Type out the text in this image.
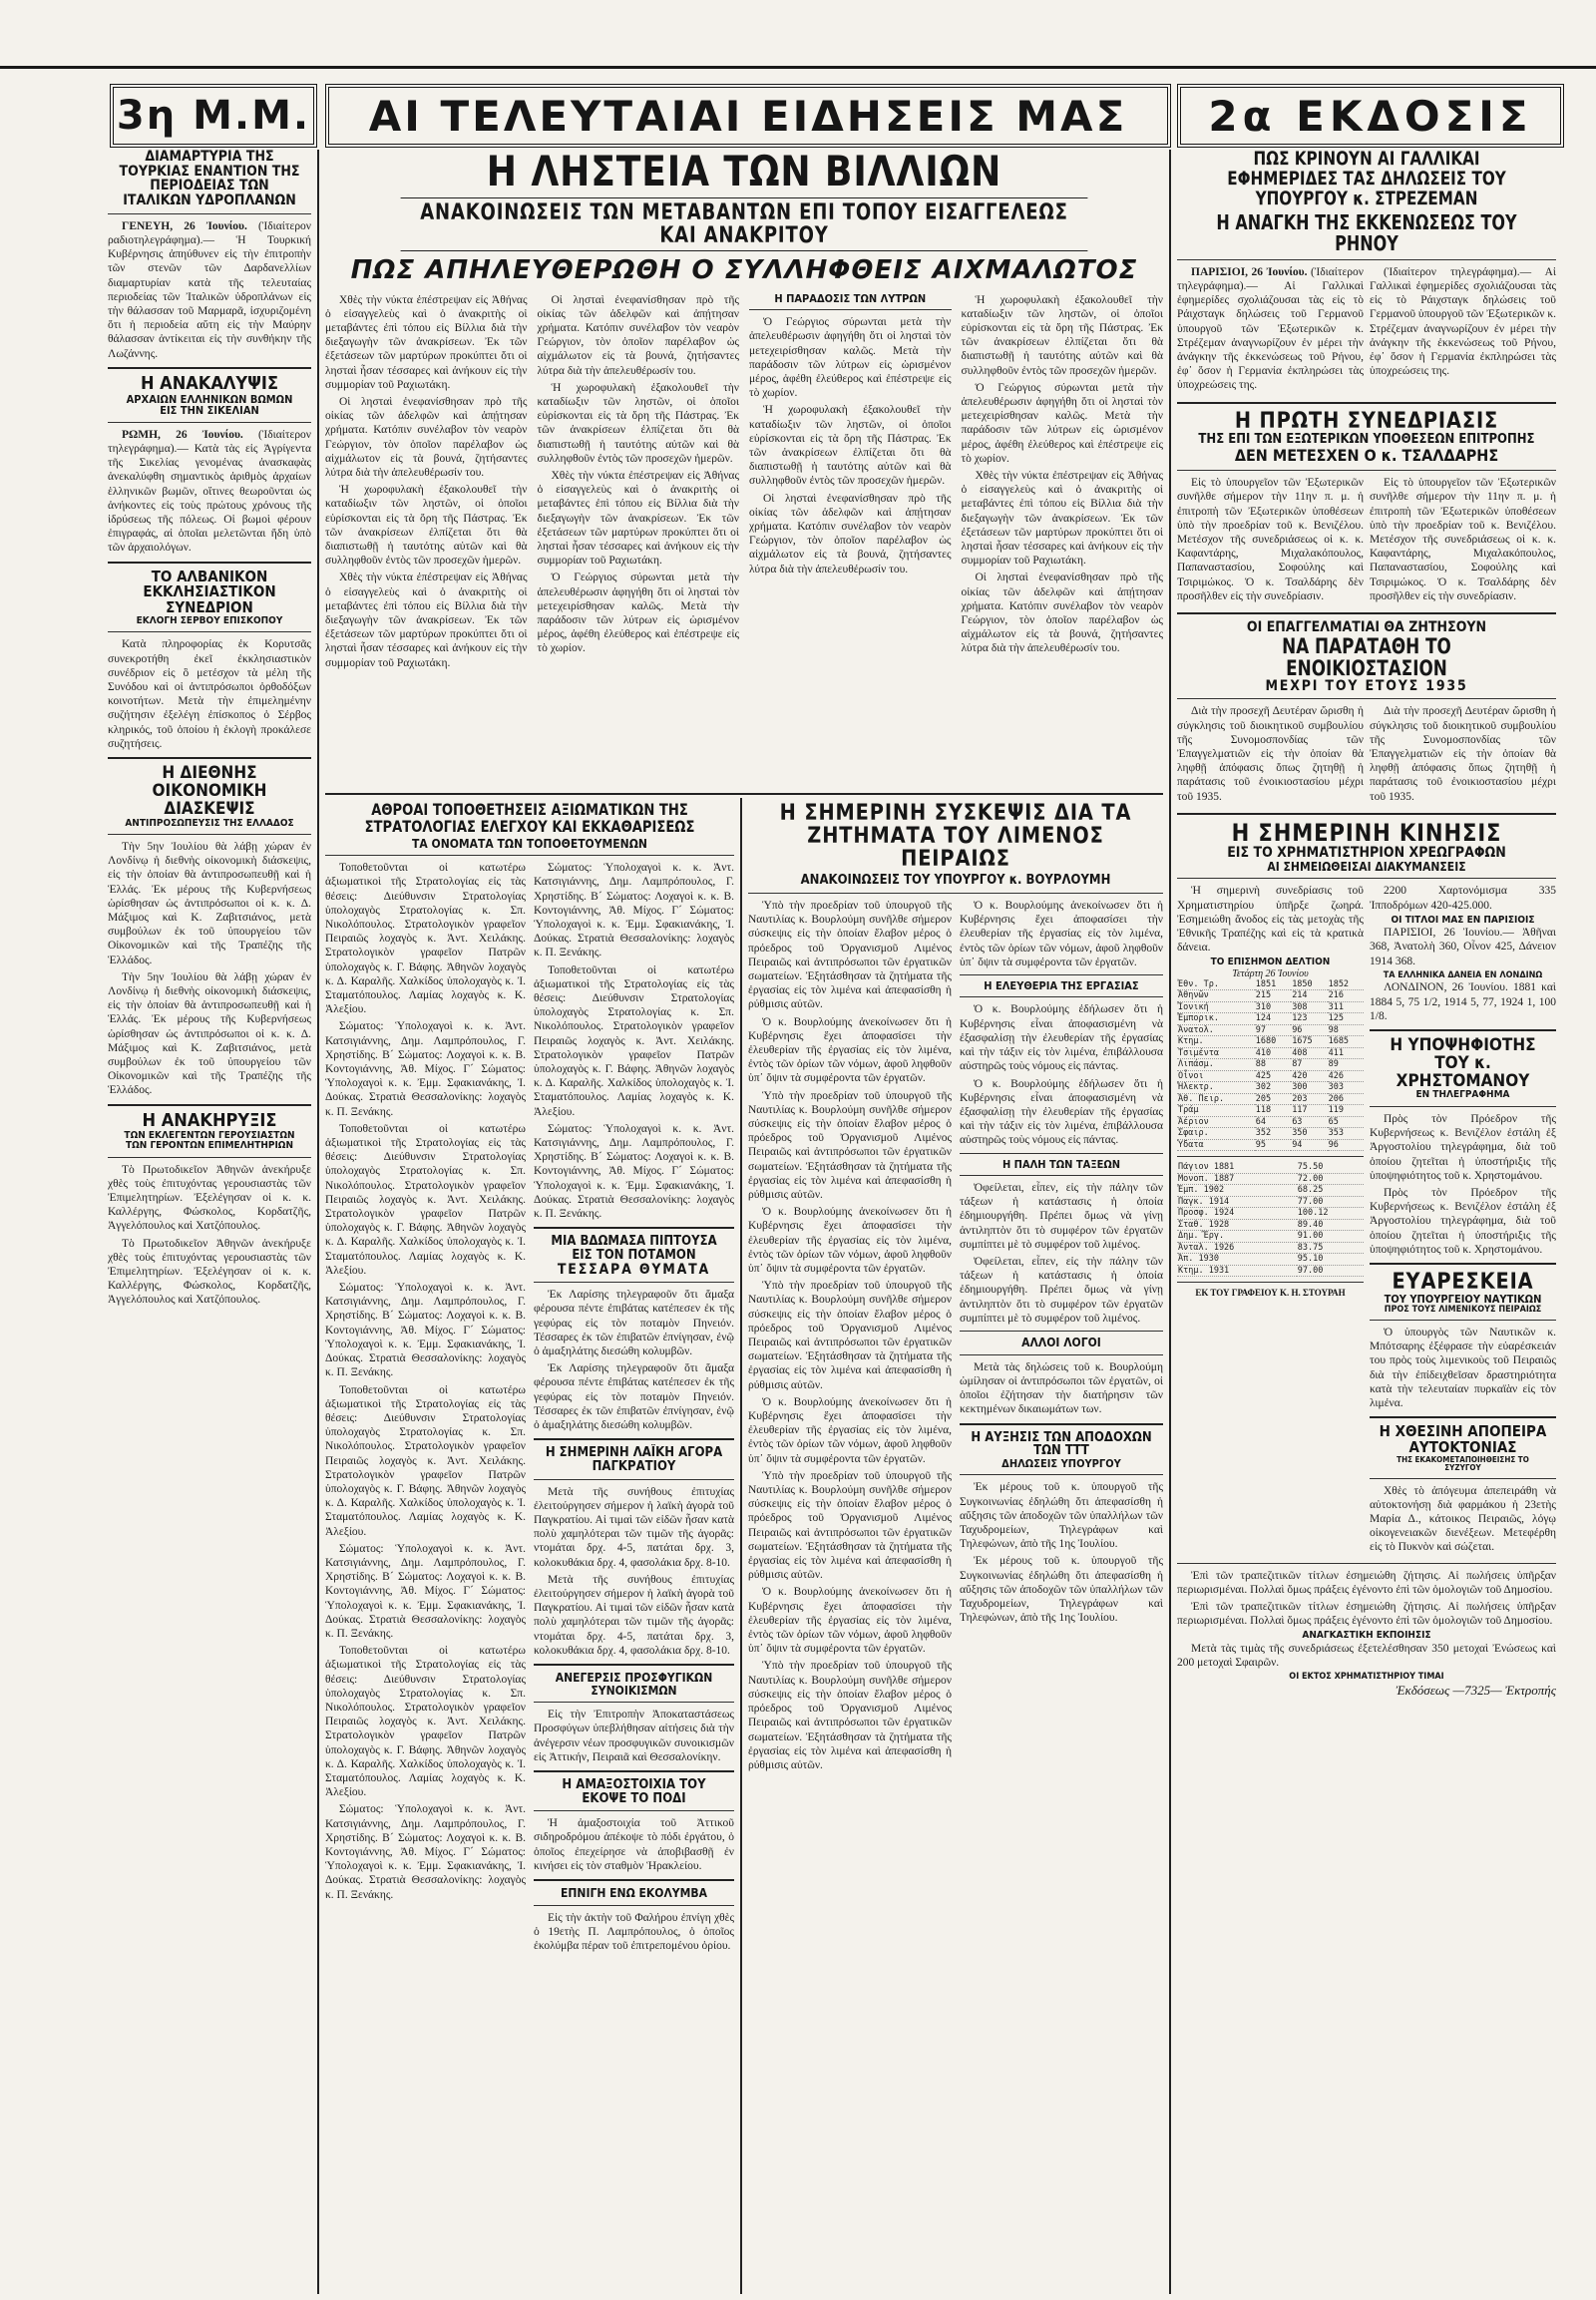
3η Μ.Μ. ΑΙ ΤΕΛΕΥΤΑΙΑΙ ΕΙΔΗΣΕΙΣ ΜΑΣ 2α ΕΚΔΟΣΙΣ
ΔΙΑΜΑΡΤΥΡΙΑ ΤΗΣ ΤΟΥΡΚΙΑΣ ΕΝΑΝΤΙΟΝ ΤΗΣ ΠΕΡΙΟΔΕΙΑΣ ΤΩΝ ΙΤΑΛΙΚΩΝ ΥΔΡΟΠΛΑΝΩΝ

ΓΕΝΕΥΗ, 26 Ἰουνίου. (Ἰδιαίτερον ραδιοτηλεγράφημα).— Ἡ Τουρκική Κυβέρνησις ἀπηύθυνεν εἰς τὴν ἐπιτροπὴν τῶν στενῶν τῶν Δαρδανελλίων διαμαρτυρίαν κατὰ τῆς τελευταίας περιοδείας τῶν Ἰταλικῶν ὑδροπλάνων εἰς τὴν θάλασσαν τοῦ Μαρμαρᾶ, ἰσχυριζομένη ὅτι ἡ περιοδεία αὕτη εἰς τὴν Μαύρην θάλασσαν ἀντίκειται εἰς τὴν συνθήκην τῆς Λωζάννης.

Η ΑΝΑΚΑΛΥΨΙΣ
ΑΡΧΑΙΩΝ ΕΛΛΗΝΙΚΩΝ ΒΩΜΩΝ ΕΙΣ ΤΗΝ ΣΙΚΕΛΙΑΝ

ΡΩΜΗ, 26 Ἰουνίου. (Ἰδιαίτερον τηλεγράφημα).— Κατὰ τὰς εἰς Ἀγρίγεντα τῆς Σικελίας γενομένας ἀνασκαφὰς ἀνεκαλύφθη σημαντικὸς ἀριθμὸς ἀρχαίων ἑλληνικῶν βωμῶν, οἵτινες θεωροῦνται ὡς ἀνήκοντες εἰς τοὺς πρώτους χρόνους τῆς ἱδρύσεως τῆς πόλεως. Οἱ βωμοὶ φέρουν ἐπιγραφάς, αἱ ὁποῖαι μελετῶνται ἤδη ὑπὸ τῶν ἀρχαιολόγων.

ΤΟ ΑΛΒΑΝΙΚΟΝ ΕΚΚΛΗΣΙΑΣΤΙΚΟΝ ΣΥΝΕΔΡΙΟΝ
ΕΚΛΟΓΗ ΣΕΡΒΟΥ ΕΠΙΣΚΟΠΟΥ

Κατὰ πληροφορίας ἐκ Κορυτσᾶς συνεκροτήθη ἐκεῖ ἐκκλησιαστικὸν συνέδριον εἰς ὃ μετέσχον τὰ μέλη τῆς Συνόδου καὶ οἱ ἀντιπρόσωποι ὀρθοδόξων κοινοτήτων. Μετὰ τὴν ἐπιμελημένην συζήτησιν ἐξελέγη ἐπίσκοπος ὁ Σέρβος κληρικός, τοῦ ὁποίου ἡ ἐκλογὴ προκάλεσε συζητήσεις.

Η ΔΙΕΘΝΗΣ ΟΙΚΟΝΟΜΙΚΗ ΔΙΑΣΚΕΨΙΣ
ΑΝΤΙΠΡΟΣΩΠΕΥΣΙΣ ΤΗΣ ΕΛΛΑΔΟΣ

Τὴν 5ην Ἰουλίου θὰ λάβῃ χώραν ἐν Λονδίνῳ ἡ διεθνὴς οἰκονομικὴ διάσκεψις, εἰς τὴν ὁποίαν θὰ ἀντιπροσωπευθῇ καὶ ἡ Ἑλλάς. Ἐκ μέρους τῆς Κυβερνήσεως ὡρίσθησαν ὡς ἀντιπρόσωποι οἱ κ. κ. Δ. Μάξιμος καὶ Κ. Ζαβιτσιάνος, μετὰ συμβούλων ἐκ τοῦ ὑπουργείου τῶν Οἰκονομικῶν καὶ τῆς Τραπέζης τῆς Ἑλλάδος.

Τὴν 5ην Ἰουλίου θὰ λάβῃ χώραν ἐν Λονδίνῳ ἡ διεθνὴς οἰκονομικὴ διάσκεψις, εἰς τὴν ὁποίαν θὰ ἀντιπροσωπευθῇ καὶ ἡ Ἑλλάς. Ἐκ μέρους τῆς Κυβερνήσεως ὡρίσθησαν ὡς ἀντιπρόσωποι οἱ κ. κ. Δ. Μάξιμος καὶ Κ. Ζαβιτσιάνος, μετὰ συμβούλων ἐκ τοῦ ὑπουργείου τῶν Οἰκονομικῶν καὶ τῆς Τραπέζης τῆς Ἑλλάδος.

Η ΑΝΑΚΗΡΥΞΙΣ
ΤΩΝ ΕΚΛΕΓΕΝΤΩΝ ΓΕΡΟΥΣΙΑΣΤΩΝ ΤΩΝ ΓΕΡΟΝΤΩΝ ΕΠΙΜΕΛΗΤΗΡΙΩΝ

Τὸ Πρωτοδικεῖον Ἀθηνῶν ἀνεκήρυξε χθὲς τοὺς ἐπιτυχόντας γερουσιαστὰς τῶν Ἐπιμελητηρίων. Ἐξελέγησαν οἱ κ. κ. Καλλέργης, Φώσκολος, Κορδατζῆς, Ἀγγελόπουλος καὶ Χατζόπουλος.

Τὸ Πρωτοδικεῖον Ἀθηνῶν ἀνεκήρυξε χθὲς τοὺς ἐπιτυχόντας γερουσιαστὰς τῶν Ἐπιμελητηρίων. Ἐξελέγησαν οἱ κ. κ. Καλλέργης, Φώσκολος, Κορδατζῆς, Ἀγγελόπουλος καὶ Χατζόπουλος.

Η ΛΗΣΤΕΙΑ ΤΩΝ ΒΙΛΛΙΩΝ
ΑΝΑΚΟΙΝΩΣΕΙΣ ΤΩΝ ΜΕΤΑΒΑΝΤΩΝ ΕΠΙ ΤΟΠΟΥ ΕΙΣΑΓΓΕΛΕΩΣ ΚΑΙ ΑΝΑΚΡΙΤΟΥ
ΠΩΣ ΑΠΗΛΕΥΘΕΡΩΘΗ Ο ΣΥΛΛΗΦΘΕΙΣ ΑΙΧΜΑΛΩΤΟΣ

Χθὲς τὴν νύκτα ἐπέστρεψαν εἰς Ἀθήνας ὁ εἰσαγγελεὺς καὶ ὁ ἀνακριτὴς οἱ μεταβάντες ἐπὶ τόπου εἰς Βίλλια διὰ τὴν διεξαγωγὴν τῶν ἀνακρίσεων. Ἐκ τῶν ἐξετάσεων τῶν μαρτύρων προκύπτει ὅτι οἱ λησταὶ ἦσαν τέσσαρες καὶ ἀνήκουν εἰς τὴν συμμορίαν τοῦ Ραχιωτάκη.

Οἱ λησταὶ ἐνεφανίσθησαν πρὸ τῆς οἰκίας τῶν ἀδελφῶν καὶ ἀπῄτησαν χρήματα. Κατόπιν συνέλαβον τὸν νεαρὸν Γεώργιον, τὸν ὁποῖον παρέλαβον ὡς αἰχμάλωτον εἰς τὰ βουνά, ζητήσαντες λύτρα διὰ τὴν ἀπελευθέρωσίν του.

Ἡ χωροφυλακὴ ἐξακολουθεῖ τὴν καταδίωξιν τῶν ληστῶν, οἱ ὁποῖοι εὑρίσκονται εἰς τὰ ὄρη τῆς Πάστρας. Ἐκ τῶν ἀνακρίσεων ἐλπίζεται ὅτι θὰ διαπιστωθῇ ἡ ταυτότης αὐτῶν καὶ θὰ συλληφθοῦν ἐντὸς τῶν προσεχῶν ἡμερῶν.

Χθὲς τὴν νύκτα ἐπέστρεψαν εἰς Ἀθήνας ὁ εἰσαγγελεὺς καὶ ὁ ἀνακριτὴς οἱ μεταβάντες ἐπὶ τόπου εἰς Βίλλια διὰ τὴν διεξαγωγὴν τῶν ἀνακρίσεων. Ἐκ τῶν ἐξετάσεων τῶν μαρτύρων προκύπτει ὅτι οἱ λησταὶ ἦσαν τέσσαρες καὶ ἀνήκουν εἰς τὴν συμμορίαν τοῦ Ραχιωτάκη.

Οἱ λησταὶ ἐνεφανίσθησαν πρὸ τῆς οἰκίας τῶν ἀδελφῶν καὶ ἀπῄτησαν χρήματα. Κατόπιν συνέλαβον τὸν νεαρὸν Γεώργιον, τὸν ὁποῖον παρέλαβον ὡς αἰχμάλωτον εἰς τὰ βουνά, ζητήσαντες λύτρα διὰ τὴν ἀπελευθέρωσίν του.

Ἡ χωροφυλακὴ ἐξακολουθεῖ τὴν καταδίωξιν τῶν ληστῶν, οἱ ὁποῖοι εὑρίσκονται εἰς τὰ ὄρη τῆς Πάστρας. Ἐκ τῶν ἀνακρίσεων ἐλπίζεται ὅτι θὰ διαπιστωθῇ ἡ ταυτότης αὐτῶν καὶ θὰ συλληφθοῦν ἐντὸς τῶν προσεχῶν ἡμερῶν.

Χθὲς τὴν νύκτα ἐπέστρεψαν εἰς Ἀθήνας ὁ εἰσαγγελεὺς καὶ ὁ ἀνακριτὴς οἱ μεταβάντες ἐπὶ τόπου εἰς Βίλλια διὰ τὴν διεξαγωγὴν τῶν ἀνακρίσεων. Ἐκ τῶν ἐξετάσεων τῶν μαρτύρων προκύπτει ὅτι οἱ λησταὶ ἦσαν τέσσαρες καὶ ἀνήκουν εἰς τὴν συμμορίαν τοῦ Ραχιωτάκη.

Ὁ Γεώργιος σύρωνται μετὰ τὴν ἀπελευθέρωσιν ἀφηγήθη ὅτι οἱ λησταὶ τὸν μετεχειρίσθησαν καλῶς. Μετὰ τὴν παράδοσιν τῶν λύτρων εἰς ὡρισμένον μέρος, ἀφέθη ἐλεύθερος καὶ ἐπέστρεψε εἰς τὸ χωρίον.

Η ΠΑΡΑΔΟΣΙΣ ΤΩΝ ΛΥΤΡΩΝ

Ὁ Γεώργιος σύρωνται μετὰ τὴν ἀπελευθέρωσιν ἀφηγήθη ὅτι οἱ λησταὶ τὸν μετεχειρίσθησαν καλῶς. Μετὰ τὴν παράδοσιν τῶν λύτρων εἰς ὡρισμένον μέρος, ἀφέθη ἐλεύθερος καὶ ἐπέστρεψε εἰς τὸ χωρίον.

Ἡ χωροφυλακὴ ἐξακολουθεῖ τὴν καταδίωξιν τῶν ληστῶν, οἱ ὁποῖοι εὑρίσκονται εἰς τὰ ὄρη τῆς Πάστρας. Ἐκ τῶν ἀνακρίσεων ἐλπίζεται ὅτι θὰ διαπιστωθῇ ἡ ταυτότης αὐτῶν καὶ θὰ συλληφθοῦν ἐντὸς τῶν προσεχῶν ἡμερῶν.

Οἱ λησταὶ ἐνεφανίσθησαν πρὸ τῆς οἰκίας τῶν ἀδελφῶν καὶ ἀπῄτησαν χρήματα. Κατόπιν συνέλαβον τὸν νεαρὸν Γεώργιον, τὸν ὁποῖον παρέλαβον ὡς αἰχμάλωτον εἰς τὰ βουνά, ζητήσαντες λύτρα διὰ τὴν ἀπελευθέρωσίν του.

Ἡ χωροφυλακὴ ἐξακολουθεῖ τὴν καταδίωξιν τῶν ληστῶν, οἱ ὁποῖοι εὑρίσκονται εἰς τὰ ὄρη τῆς Πάστρας. Ἐκ τῶν ἀνακρίσεων ἐλπίζεται ὅτι θὰ διαπιστωθῇ ἡ ταυτότης αὐτῶν καὶ θὰ συλληφθοῦν ἐντὸς τῶν προσεχῶν ἡμερῶν.

Ὁ Γεώργιος σύρωνται μετὰ τὴν ἀπελευθέρωσιν ἀφηγήθη ὅτι οἱ λησταὶ τὸν μετεχειρίσθησαν καλῶς. Μετὰ τὴν παράδοσιν τῶν λύτρων εἰς ὡρισμένον μέρος, ἀφέθη ἐλεύθερος καὶ ἐπέστρεψε εἰς τὸ χωρίον.

Χθὲς τὴν νύκτα ἐπέστρεψαν εἰς Ἀθήνας ὁ εἰσαγγελεὺς καὶ ὁ ἀνακριτὴς οἱ μεταβάντες ἐπὶ τόπου εἰς Βίλλια διὰ τὴν διεξαγωγὴν τῶν ἀνακρίσεων. Ἐκ τῶν ἐξετάσεων τῶν μαρτύρων προκύπτει ὅτι οἱ λησταὶ ἦσαν τέσσαρες καὶ ἀνήκουν εἰς τὴν συμμορίαν τοῦ Ραχιωτάκη.

Οἱ λησταὶ ἐνεφανίσθησαν πρὸ τῆς οἰκίας τῶν ἀδελφῶν καὶ ἀπῄτησαν χρήματα. Κατόπιν συνέλαβον τὸν νεαρὸν Γεώργιον, τὸν ὁποῖον παρέλαβον ὡς αἰχμάλωτον εἰς τὰ βουνά, ζητήσαντες λύτρα διὰ τὴν ἀπελευθέρωσίν του.

ΑΘΡΟΑΙ ΤΟΠΟΘΕΤΗΣΕΙΣ ΑΞΙΩΜΑΤΙΚΩΝ ΤΗΣ ΣΤΡΑΤΟΛΟΓΙΑΣ ΕΛΕΓΧΟΥ ΚΑΙ ΕΚΚΑΘΑΡΙΣΕΩΣ
ΤΑ ΟΝΟΜΑΤΑ ΤΩΝ ΤΟΠΟΘΕΤΟΥΜΕΝΩΝ

Τοποθετοῦνται οἱ κατωτέρω ἀξιωματικοὶ τῆς Στρατολογίας εἰς τὰς θέσεις: Διεύθυνσιν Στρατολογίας ὑπολοχαγὸς Στρατολογίας κ. Σπ. Νικολόπουλος. Στρατολογικὸν γραφεῖον Πειραιῶς λοχαγὸς κ. Ἀντ. Χειλάκης. Στρατολογικὸν γραφεῖον Πατρῶν ὑπολοχαγὸς κ. Γ. Βάφης. Ἀθηνῶν λοχαγὸς κ. Δ. Καραλῆς. Χαλκίδος ὑπολοχαγὸς κ. Ἰ. Σταματόπουλος. Λαμίας λοχαγὸς κ. Κ. Ἀλεξίου.

Σώματος: Ὑπολοχαγοὶ κ. κ. Ἀντ. Κατσιγιάννης, Δημ. Λαμπρόπουλος, Γ. Χρηστίδης. Β´ Σώματος: Λοχαγοὶ κ. κ. Β. Κοντογιάννης, Ἀθ. Μίχος. Γ´ Σώματος: Ὑπολοχαγοὶ κ. κ. Ἐμμ. Σφακιανάκης, Ἰ. Δούκας. Στρατιὰ Θεσσαλονίκης: λοχαγὸς κ. Π. Ξενάκης.

Τοποθετοῦνται οἱ κατωτέρω ἀξιωματικοὶ τῆς Στρατολογίας εἰς τὰς θέσεις: Διεύθυνσιν Στρατολογίας ὑπολοχαγὸς Στρατολογίας κ. Σπ. Νικολόπουλος. Στρατολογικὸν γραφεῖον Πειραιῶς λοχαγὸς κ. Ἀντ. Χειλάκης. Στρατολογικὸν γραφεῖον Πατρῶν ὑπολοχαγὸς κ. Γ. Βάφης. Ἀθηνῶν λοχαγὸς κ. Δ. Καραλῆς. Χαλκίδος ὑπολοχαγὸς κ. Ἰ. Σταματόπουλος. Λαμίας λοχαγὸς κ. Κ. Ἀλεξίου.

Σώματος: Ὑπολοχαγοὶ κ. κ. Ἀντ. Κατσιγιάννης, Δημ. Λαμπρόπουλος, Γ. Χρηστίδης. Β´ Σώματος: Λοχαγοὶ κ. κ. Β. Κοντογιάννης, Ἀθ. Μίχος. Γ´ Σώματος: Ὑπολοχαγοὶ κ. κ. Ἐμμ. Σφακιανάκης, Ἰ. Δούκας. Στρατιὰ Θεσσαλονίκης: λοχαγὸς κ. Π. Ξενάκης.

Τοποθετοῦνται οἱ κατωτέρω ἀξιωματικοὶ τῆς Στρατολογίας εἰς τὰς θέσεις: Διεύθυνσιν Στρατολογίας ὑπολοχαγὸς Στρατολογίας κ. Σπ. Νικολόπουλος. Στρατολογικὸν γραφεῖον Πειραιῶς λοχαγὸς κ. Ἀντ. Χειλάκης. Στρατολογικὸν γραφεῖον Πατρῶν ὑπολοχαγὸς κ. Γ. Βάφης. Ἀθηνῶν λοχαγὸς κ. Δ. Καραλῆς. Χαλκίδος ὑπολοχαγὸς κ. Ἰ. Σταματόπουλος. Λαμίας λοχαγὸς κ. Κ. Ἀλεξίου.

Σώματος: Ὑπολοχαγοὶ κ. κ. Ἀντ. Κατσιγιάννης, Δημ. Λαμπρόπουλος, Γ. Χρηστίδης. Β´ Σώματος: Λοχαγοὶ κ. κ. Β. Κοντογιάννης, Ἀθ. Μίχος. Γ´ Σώματος: Ὑπολοχαγοὶ κ. κ. Ἐμμ. Σφακιανάκης, Ἰ. Δούκας. Στρατιὰ Θεσσαλονίκης: λοχαγὸς κ. Π. Ξενάκης.

Τοποθετοῦνται οἱ κατωτέρω ἀξιωματικοὶ τῆς Στρατολογίας εἰς τὰς θέσεις: Διεύθυνσιν Στρατολογίας ὑπολοχαγὸς Στρατολογίας κ. Σπ. Νικολόπουλος. Στρατολογικὸν γραφεῖον Πειραιῶς λοχαγὸς κ. Ἀντ. Χειλάκης. Στρατολογικὸν γραφεῖον Πατρῶν ὑπολοχαγὸς κ. Γ. Βάφης. Ἀθηνῶν λοχαγὸς κ. Δ. Καραλῆς. Χαλκίδος ὑπολοχαγὸς κ. Ἰ. Σταματόπουλος. Λαμίας λοχαγὸς κ. Κ. Ἀλεξίου.

Σώματος: Ὑπολοχαγοὶ κ. κ. Ἀντ. Κατσιγιάννης, Δημ. Λαμπρόπουλος, Γ. Χρηστίδης. Β´ Σώματος: Λοχαγοὶ κ. κ. Β. Κοντογιάννης, Ἀθ. Μίχος. Γ´ Σώματος: Ὑπολοχαγοὶ κ. κ. Ἐμμ. Σφακιανάκης, Ἰ. Δούκας. Στρατιὰ Θεσσαλονίκης: λοχαγὸς κ. Π. Ξενάκης.

Σώματος: Ὑπολοχαγοὶ κ. κ. Ἀντ. Κατσιγιάννης, Δημ. Λαμπρόπουλος, Γ. Χρηστίδης. Β´ Σώματος: Λοχαγοὶ κ. κ. Β. Κοντογιάννης, Ἀθ. Μίχος. Γ´ Σώματος: Ὑπολοχαγοὶ κ. κ. Ἐμμ. Σφακιανάκης, Ἰ. Δούκας. Στρατιὰ Θεσσαλονίκης: λοχαγὸς κ. Π. Ξενάκης.

Τοποθετοῦνται οἱ κατωτέρω ἀξιωματικοὶ τῆς Στρατολογίας εἰς τὰς θέσεις: Διεύθυνσιν Στρατολογίας ὑπολοχαγὸς Στρατολογίας κ. Σπ. Νικολόπουλος. Στρατολογικὸν γραφεῖον Πειραιῶς λοχαγὸς κ. Ἀντ. Χειλάκης. Στρατολογικὸν γραφεῖον Πατρῶν ὑπολοχαγὸς κ. Γ. Βάφης. Ἀθηνῶν λοχαγὸς κ. Δ. Καραλῆς. Χαλκίδος ὑπολοχαγὸς κ. Ἰ. Σταματόπουλος. Λαμίας λοχαγὸς κ. Κ. Ἀλεξίου.

Σώματος: Ὑπολοχαγοὶ κ. κ. Ἀντ. Κατσιγιάννης, Δημ. Λαμπρόπουλος, Γ. Χρηστίδης. Β´ Σώματος: Λοχαγοὶ κ. κ. Β. Κοντογιάννης, Ἀθ. Μίχος. Γ´ Σώματος: Ὑπολοχαγοὶ κ. κ. Ἐμμ. Σφακιανάκης, Ἰ. Δούκας. Στρατιὰ Θεσσαλονίκης: λοχαγὸς κ. Π. Ξενάκης.

ΜΙΑ ΒΔΩΜΑΣΑ ΠΙΠΤΟΥΣΑ ΕΙΣ ΤΟΝ ΠΟΤΑΜΟΝ
ΤΕΣΣΑΡΑ ΘΥΜΑΤΑ

Ἐκ Λαρίσης τηλεγραφοῦν ὅτι ἄμαξα φέρουσα πέντε ἐπιβάτας κατέπεσεν ἐκ τῆς γεφύρας εἰς τὸν ποταμὸν Πηνειόν. Τέσσαρες ἐκ τῶν ἐπιβατῶν ἐπνίγησαν, ἐνῷ ὁ ἁμαξηλάτης διεσώθη κολυμβῶν.

Ἐκ Λαρίσης τηλεγραφοῦν ὅτι ἄμαξα φέρουσα πέντε ἐπιβάτας κατέπεσεν ἐκ τῆς γεφύρας εἰς τὸν ποταμὸν Πηνειόν. Τέσσαρες ἐκ τῶν ἐπιβατῶν ἐπνίγησαν, ἐνῷ ὁ ἁμαξηλάτης διεσώθη κολυμβῶν.

Η ΣΗΜΕΡΙΝΗ ΛΑΪΚΗ ΑΓΟΡΑ ΠΑΓΚΡΑΤΙΟΥ

Μετὰ τῆς συνήθους ἐπιτυχίας ἐλειτούργησεν σήμερον ἡ λαϊκὴ ἀγορὰ τοῦ Παγκρατίου. Αἱ τιμαὶ τῶν εἰδῶν ἦσαν κατὰ πολὺ χαμηλότεραι τῶν τιμῶν τῆς ἀγορᾶς: ντομάται δρχ. 4-5, πατάται δρχ. 3, κολοκυθάκια δρχ. 4, φασολάκια δρχ. 8-10.

Μετὰ τῆς συνήθους ἐπιτυχίας ἐλειτούργησεν σήμερον ἡ λαϊκὴ ἀγορὰ τοῦ Παγκρατίου. Αἱ τιμαὶ τῶν εἰδῶν ἦσαν κατὰ πολὺ χαμηλότεραι τῶν τιμῶν τῆς ἀγορᾶς: ντομάται δρχ. 4-5, πατάται δρχ. 3, κολοκυθάκια δρχ. 4, φασολάκια δρχ. 8-10.

ΑΝΕΓΕΡΣΙΣ ΠΡΟΣΦΥΓΙΚΩΝ ΣΥΝΟΙΚΙΣΜΩΝ

Εἰς τὴν Ἐπιτροπὴν Ἀποκαταστάσεως Προσφύγων ὑπεβλήθησαν αἰτήσεις διὰ τὴν ἀνέγερσιν νέων προσφυγικῶν συνοικισμῶν εἰς Ἀττικήν, Πειραιᾶ καὶ Θεσσαλονίκην.

Η ΑΜΑΞΟΣΤΟΙΧΙΑ ΤΟΥ ΕΚΟΨΕ ΤΟ ΠΟΔΙ

Ἡ ἀμαξοστοιχία τοῦ Ἀττικοῦ σιδηροδρόμου ἀπέκοψε τὸ πόδι ἐργάτου, ὁ ὁποῖος ἐπεχείρησε νὰ ἀποβιβασθῇ ἐν κινήσει εἰς τὸν σταθμὸν Ἡρακλείου.

ΕΠΝΙΓΗ ΕΝΩ ΕΚΟΛΥΜΒΑ

Εἰς τὴν ἀκτὴν τοῦ Φαλήρου ἐπνίγη χθὲς ὁ 19ετὴς Π. Λαμπρόπουλος, ὁ ὁποῖος ἐκολύμβα πέραν τοῦ ἐπιτρεπομένου ὁρίου.

Η ΣΗΜΕΡΙΝΗ ΣΥΣΚΕΨΙΣ ΔΙΑ ΤΑ ΖΗΤΗΜΑΤΑ ΤΟΥ ΛΙΜΕΝΟΣ ΠΕΙΡΑΙΩΣ
ΑΝΑΚΟΙΝΩΣΕΙΣ ΤΟΥ ΥΠΟΥΡΓΟΥ κ. ΒΟΥΡΛΟΥΜΗ

Ὑπὸ τὴν προεδρίαν τοῦ ὑπουργοῦ τῆς Ναυτιλίας κ. Βουρλούμη συνῆλθε σήμερον σύσκεψις εἰς τὴν ὁποίαν ἔλαβον μέρος ὁ πρόεδρος τοῦ Ὀργανισμοῦ Λιμένος Πειραιῶς καὶ ἀντιπρόσωποι τῶν ἐργατικῶν σωματείων. Ἐξητάσθησαν τὰ ζητήματα τῆς ἐργασίας εἰς τὸν λιμένα καὶ ἀπεφασίσθη ἡ ρύθμισις αὐτῶν.

Ὁ κ. Βουρλούμης ἀνεκοίνωσεν ὅτι ἡ Κυβέρνησις ἔχει ἀποφασίσει τὴν ἐλευθερίαν τῆς ἐργασίας εἰς τὸν λιμένα, ἐντὸς τῶν ὁρίων τῶν νόμων, ἀφοῦ ληφθοῦν ὑπ᾽ ὄψιν τὰ συμφέροντα τῶν ἐργατῶν.

Ὑπὸ τὴν προεδρίαν τοῦ ὑπουργοῦ τῆς Ναυτιλίας κ. Βουρλούμη συνῆλθε σήμερον σύσκεψις εἰς τὴν ὁποίαν ἔλαβον μέρος ὁ πρόεδρος τοῦ Ὀργανισμοῦ Λιμένος Πειραιῶς καὶ ἀντιπρόσωποι τῶν ἐργατικῶν σωματείων. Ἐξητάσθησαν τὰ ζητήματα τῆς ἐργασίας εἰς τὸν λιμένα καὶ ἀπεφασίσθη ἡ ρύθμισις αὐτῶν.

Ὁ κ. Βουρλούμης ἀνεκοίνωσεν ὅτι ἡ Κυβέρνησις ἔχει ἀποφασίσει τὴν ἐλευθερίαν τῆς ἐργασίας εἰς τὸν λιμένα, ἐντὸς τῶν ὁρίων τῶν νόμων, ἀφοῦ ληφθοῦν ὑπ᾽ ὄψιν τὰ συμφέροντα τῶν ἐργατῶν.

Ὑπὸ τὴν προεδρίαν τοῦ ὑπουργοῦ τῆς Ναυτιλίας κ. Βουρλούμη συνῆλθε σήμερον σύσκεψις εἰς τὴν ὁποίαν ἔλαβον μέρος ὁ πρόεδρος τοῦ Ὀργανισμοῦ Λιμένος Πειραιῶς καὶ ἀντιπρόσωποι τῶν ἐργατικῶν σωματείων. Ἐξητάσθησαν τὰ ζητήματα τῆς ἐργασίας εἰς τὸν λιμένα καὶ ἀπεφασίσθη ἡ ρύθμισις αὐτῶν.

Ὁ κ. Βουρλούμης ἀνεκοίνωσεν ὅτι ἡ Κυβέρνησις ἔχει ἀποφασίσει τὴν ἐλευθερίαν τῆς ἐργασίας εἰς τὸν λιμένα, ἐντὸς τῶν ὁρίων τῶν νόμων, ἀφοῦ ληφθοῦν ὑπ᾽ ὄψιν τὰ συμφέροντα τῶν ἐργατῶν.

Ὑπὸ τὴν προεδρίαν τοῦ ὑπουργοῦ τῆς Ναυτιλίας κ. Βουρλούμη συνῆλθε σήμερον σύσκεψις εἰς τὴν ὁποίαν ἔλαβον μέρος ὁ πρόεδρος τοῦ Ὀργανισμοῦ Λιμένος Πειραιῶς καὶ ἀντιπρόσωποι τῶν ἐργατικῶν σωματείων. Ἐξητάσθησαν τὰ ζητήματα τῆς ἐργασίας εἰς τὸν λιμένα καὶ ἀπεφασίσθη ἡ ρύθμισις αὐτῶν.

Ὁ κ. Βουρλούμης ἀνεκοίνωσεν ὅτι ἡ Κυβέρνησις ἔχει ἀποφασίσει τὴν ἐλευθερίαν τῆς ἐργασίας εἰς τὸν λιμένα, ἐντὸς τῶν ὁρίων τῶν νόμων, ἀφοῦ ληφθοῦν ὑπ᾽ ὄψιν τὰ συμφέροντα τῶν ἐργατῶν.

Ὑπὸ τὴν προεδρίαν τοῦ ὑπουργοῦ τῆς Ναυτιλίας κ. Βουρλούμη συνῆλθε σήμερον σύσκεψις εἰς τὴν ὁποίαν ἔλαβον μέρος ὁ πρόεδρος τοῦ Ὀργανισμοῦ Λιμένος Πειραιῶς καὶ ἀντιπρόσωποι τῶν ἐργατικῶν σωματείων. Ἐξητάσθησαν τὰ ζητήματα τῆς ἐργασίας εἰς τὸν λιμένα καὶ ἀπεφασίσθη ἡ ρύθμισις αὐτῶν.

Ὁ κ. Βουρλούμης ἀνεκοίνωσεν ὅτι ἡ Κυβέρνησις ἔχει ἀποφασίσει τὴν ἐλευθερίαν τῆς ἐργασίας εἰς τὸν λιμένα, ἐντὸς τῶν ὁρίων τῶν νόμων, ἀφοῦ ληφθοῦν ὑπ᾽ ὄψιν τὰ συμφέροντα τῶν ἐργατῶν.

Η ΕΛΕΥΘΕΡΙΑ ΤΗΣ ΕΡΓΑΣΙΑΣ

Ὁ κ. Βουρλούμης ἐδήλωσεν ὅτι ἡ Κυβέρνησις εἶναι ἀποφασισμένη νὰ ἐξασφαλίσῃ τὴν ἐλευθερίαν τῆς ἐργασίας καὶ τὴν τάξιν εἰς τὸν λιμένα, ἐπιβάλλουσα αὐστηρῶς τοὺς νόμους εἰς πάντας.

Ὁ κ. Βουρλούμης ἐδήλωσεν ὅτι ἡ Κυβέρνησις εἶναι ἀποφασισμένη νὰ ἐξασφαλίσῃ τὴν ἐλευθερίαν τῆς ἐργασίας καὶ τὴν τάξιν εἰς τὸν λιμένα, ἐπιβάλλουσα αὐστηρῶς τοὺς νόμους εἰς πάντας.

Η ΠΑΛΗ ΤΩΝ ΤΑΞΕΩΝ

Ὀφείλεται, εἶπεν, εἰς τὴν πάλην τῶν τάξεων ἡ κατάστασις ἡ ὁποία ἐδημιουργήθη. Πρέπει ὅμως νὰ γίνῃ ἀντιληπτὸν ὅτι τὸ συμφέρον τῶν ἐργατῶν συμπίπτει μὲ τὸ συμφέρον τοῦ λιμένος.

Ὀφείλεται, εἶπεν, εἰς τὴν πάλην τῶν τάξεων ἡ κατάστασις ἡ ὁποία ἐδημιουργήθη. Πρέπει ὅμως νὰ γίνῃ ἀντιληπτὸν ὅτι τὸ συμφέρον τῶν ἐργατῶν συμπίπτει μὲ τὸ συμφέρον τοῦ λιμένος.

ΑΛΛΟΙ ΛΟΓΟΙ

Μετὰ τὰς δηλώσεις τοῦ κ. Βουρλούμη ὡμίλησαν οἱ ἀντιπρόσωποι τῶν ἐργατῶν, οἱ ὁποῖοι ἐζήτησαν τὴν διατήρησιν τῶν κεκτημένων δικαιωμάτων των.

Η ΑΥΞΗΣΙΣ ΤΩΝ ΑΠΟΔΟΧΩΝ ΤΩΝ ΤΤΤ
ΔΗΛΩΣΕΙΣ ΥΠΟΥΡΓΟΥ

Ἐκ μέρους τοῦ κ. ὑπουργοῦ τῆς Συγκοινωνίας ἐδηλώθη ὅτι ἀπεφασίσθη ἡ αὔξησις τῶν ἀποδοχῶν τῶν ὑπαλλήλων τῶν Ταχυδρομείων, Τηλεγράφων καὶ Τηλεφώνων, ἀπὸ τῆς 1ης Ἰουλίου.

Ἐκ μέρους τοῦ κ. ὑπουργοῦ τῆς Συγκοινωνίας ἐδηλώθη ὅτι ἀπεφασίσθη ἡ αὔξησις τῶν ἀποδοχῶν τῶν ὑπαλλήλων τῶν Ταχυδρομείων, Τηλεγράφων καὶ Τηλεφώνων, ἀπὸ τῆς 1ης Ἰουλίου.

ΠΩΣ ΚΡΙΝΟΥΝ ΑΙ ΓΑΛΛΙΚΑΙ ΕΦΗΜΕΡΙΔΕΣ ΤΑΣ ΔΗΛΩΣΕΙΣ ΤΟΥ ΥΠΟΥΡΓΟΥ κ. ΣΤΡΕΖΕΜΑΝ
Η ΑΝΑΓΚΗ ΤΗΣ ΕΚΚΕΝΩΣΕΩΣ ΤΟΥ ΡΗΝΟΥ

ΠΑΡΙΣΙΟΙ, 26 Ἰουνίου. (Ἰδιαίτερον τηλεγράφημα).— Αἱ Γαλλικαὶ ἐφημερίδες σχολιάζουσαι τὰς εἰς τὸ Ράιχσταγκ δηλώσεις τοῦ Γερμανοῦ ὑπουργοῦ τῶν Ἐξωτερικῶν κ. Στρέζεμαν ἀναγνωρίζουν ἐν μέρει τὴν ἀνάγκην τῆς ἐκκενώσεως τοῦ Ρήνου, ἐφ᾽ ὅσον ἡ Γερμανία ἐκπληρώσει τὰς ὑποχρεώσεις της.

(Ἰδιαίτερον τηλεγράφημα).— Αἱ Γαλλικαὶ ἐφημερίδες σχολιάζουσαι τὰς εἰς τὸ Ράιχσταγκ δηλώσεις τοῦ Γερμανοῦ ὑπουργοῦ τῶν Ἐξωτερικῶν κ. Στρέζεμαν ἀναγνωρίζουν ἐν μέρει τὴν ἀνάγκην τῆς ἐκκενώσεως τοῦ Ρήνου, ἐφ᾽ ὅσον ἡ Γερμανία ἐκπληρώσει τὰς ὑποχρεώσεις της.

Η ΠΡΩΤΗ ΣΥΝΕΔΡΙΑΣΙΣ
ΤΗΣ ΕΠΙ ΤΩΝ ΕΞΩΤΕΡΙΚΩΝ ΥΠΟΘΕΣΕΩΝ ΕΠΙΤΡΟΠΗΣ
ΔΕΝ ΜΕΤΕΣΧΕΝ Ο κ. ΤΣΑΛΔΑΡΗΣ

Εἰς τὸ ὑπουργεῖον τῶν Ἐξωτερικῶν συνῆλθε σήμερον τὴν 11ην π. μ. ἡ ἐπιτροπὴ τῶν Ἐξωτερικῶν ὑποθέσεων ὑπὸ τὴν προεδρίαν τοῦ κ. Βενιζέλου. Μετέσχον τῆς συνεδριάσεως οἱ κ. κ. Καφαντάρης, Μιχαλακόπουλος, Παπαναστασίου, Σοφούλης καὶ Τσιριμώκος. Ὁ κ. Τσαλδάρης δὲν προσῆλθεν εἰς τὴν συνεδρίασιν.

Εἰς τὸ ὑπουργεῖον τῶν Ἐξωτερικῶν συνῆλθε σήμερον τὴν 11ην π. μ. ἡ ἐπιτροπὴ τῶν Ἐξωτερικῶν ὑποθέσεων ὑπὸ τὴν προεδρίαν τοῦ κ. Βενιζέλου. Μετέσχον τῆς συνεδριάσεως οἱ κ. κ. Καφαντάρης, Μιχαλακόπουλος, Παπαναστασίου, Σοφούλης καὶ Τσιριμώκος. Ὁ κ. Τσαλδάρης δὲν προσῆλθεν εἰς τὴν συνεδρίασιν.

ΟΙ ΕΠΑΓΓΕΛΜΑΤΙΑΙ ΘΑ ΖΗΤΗΣΟΥΝ
ΝΑ ΠΑΡΑΤΑΘΗ ΤΟ ΕΝΟΙΚΙΟΣΤΑΣΙΟΝ
ΜΕΧΡΙ ΤΟΥ ΕΤΟΥΣ 1935

Διὰ τὴν προσεχῆ Δευτέραν ὥρισθη ἡ σύγκλησις τοῦ διοικητικοῦ συμβουλίου τῆς Συνομοσπονδίας τῶν Ἐπαγγελματιῶν εἰς τὴν ὁποίαν θὰ ληφθῇ ἀπόφασις ὅπως ζητηθῇ ἡ παράτασις τοῦ ἐνοικιοστασίου μέχρι τοῦ 1935.

Διὰ τὴν προσεχῆ Δευτέραν ὥρισθη ἡ σύγκλησις τοῦ διοικητικοῦ συμβουλίου τῆς Συνομοσπονδίας τῶν Ἐπαγγελματιῶν εἰς τὴν ὁποίαν θὰ ληφθῇ ἀπόφασις ὅπως ζητηθῇ ἡ παράτασις τοῦ ἐνοικιοστασίου μέχρι τοῦ 1935.

Η ΣΗΜΕΡΙΝΗ ΚΙΝΗΣΙΣ
ΕΙΣ ΤΟ ΧΡΗΜΑΤΙΣΤΗΡΙΟΝ ΧΡΕΩΓΡΑΦΩΝ
ΑΙ ΣΗΜΕΙΩΘΕΙΣΑΙ ΔΙΑΚΥΜΑΝΣΕΙΣ

Ἡ σημερινὴ συνεδρίασις τοῦ Χρηματιστηρίου ὑπῆρξε ζωηρά. Ἐσημειώθη ἄνοδος εἰς τὰς μετοχὰς τῆς Ἐθνικῆς Τραπέζης καὶ εἰς τὰ κρατικὰ δάνεια.

ΤΟ ΕΠΙΣΗΜΟΝ ΔΕΛΤΙΟΝ
Τετάρτη 26 Ἰουνίου
Ἐθν. Τρ.	1851	1850	1852
Ἀθηνῶν	215	214	216
Ἰονική	310	308	311
Ἐμπορικ.	124	123	125
Ἀνατολ.	97	96	98
Κτημ.	1680	1675	1685
Τσιμέντα	410	408	411
Λιπάσμ.	88	87	89
Οἶνοι	425	420	426
Ἠλεκτρ.	302	300	303
Ἀθ. Πειρ.	205	203	206
Τράμ	118	117	119
Ἀέριον	64	63	65
Σφαιρ.	352	350	353
Ὕδατα	95	94	96
Πάγιον 1881	75.50
Μονοπ. 1887	72.00
Ἐμπ. 1902	68.25
Παγκ. 1914	77.00
Προσφ. 1924	100.12
Σταθ. 1928	89.40
Δημ. Ἔργ.	91.00
Ἀνταλ. 1926	83.75
Ἀπ. 1930	95.10
Κτημ. 1931	97.00
ΕΚ ΤΟΥ ΓΡΑΦΕΙΟΥ Κ. Η. ΣΤΟΥΡΑΗ

2200 Χαρτονόμισμα 335 Ἰπποδρόμων 420-425.000.

ΟΙ ΤΙΤΛΟΙ ΜΑΣ ΕΝ ΠΑΡΙΣΙΟΙΣ

ΠΑΡΙΣΙΟΙ, 26 Ἰουνίου.— Ἀθῆναι 368, Ἀνατολὴ 360, Οἶνον 425, Δάνειον 1914 368.

ΤΑ ΕΛΛΗΝΙΚΑ ΔΑΝΕΙΑ ΕΝ ΛΟΝΔΙΝΩ

ΛΟΝΔΙΝΟΝ, 26 Ἰουνίου. 1881 καὶ 1884 5, 75 1/2, 1914 5, 77, 1924 1, 100 1/8.

Η ΥΠΟΨΗΦΙΟΤΗΣ ΤΟΥ κ. ΧΡΗΣΤΟΜΑΝΟΥ
ΕΝ ΤΗΛΕΓΡΑΦΗΜΑ

Πρὸς τὸν Πρόεδρον τῆς Κυβερνήσεως κ. Βενιζέλον ἐστάλη ἐξ Ἀργοστολίου τηλεγράφημα, διὰ τοῦ ὁποίου ζητεῖται ἡ ὑποστήριξις τῆς ὑποψηφιότητος τοῦ κ. Χρηστομάνου.

Πρὸς τὸν Πρόεδρον τῆς Κυβερνήσεως κ. Βενιζέλον ἐστάλη ἐξ Ἀργοστολίου τηλεγράφημα, διὰ τοῦ ὁποίου ζητεῖται ἡ ὑποστήριξις τῆς ὑποψηφιότητος τοῦ κ. Χρηστομάνου.

ΕΥΑΡΕΣΚΕΙΑ
ΤΟΥ ΥΠΟΥΡΓΕΙΟΥ ΝΑΥΤΙΚΩΝ
ΠΡΟΣ ΤΟΥΣ ΛΙΜΕΝΙΚΟΥΣ ΠΕΙΡΑΙΩΣ

Ὁ ὑπουργὸς τῶν Ναυτικῶν κ. Μπότσαρης ἐξέφρασε τὴν εὐαρέσκειάν του πρὸς τοὺς λιμενικοὺς τοῦ Πειραιῶς διὰ τὴν ἐπίδειχθεῖσαν δραστηριότητα κατὰ τὴν τελευταίαν πυρκαϊὰν εἰς τὸν λιμένα.

Η ΧΘΕΣΙΝΗ ΑΠΟΠΕΙΡΑ ΑΥΤΟΚΤΟΝΙΑΣ
ΤΗΣ ΕΚΑΚΟΜΕΤΑΠΟΙΗΘΕΙΣΗΣ ΤΟ ΣΥΖΥΓΟΥ

Χθὲς τὸ ἀπόγευμα ἀπεπειράθη νὰ αὐτοκτονήσῃ διὰ φαρμάκου ἡ 23ετὴς Μαρία Δ., κάτοικος Πειραιῶς, λόγῳ οἰκογενειακῶν διενέξεων. Μετεφέρθη εἰς τὸ Πυκνὸν καὶ σώζεται.

Ἐπὶ τῶν τραπεζιτικῶν τίτλων ἐσημειώθη ζήτησις. Αἱ πωλήσεις ὑπῆρξαν περιωρισμέναι. Πολλαὶ ὅμως πράξεις ἐγένοντο ἐπὶ τῶν ὁμολογιῶν τοῦ Δημοσίου.

Ἐπὶ τῶν τραπεζιτικῶν τίτλων ἐσημειώθη ζήτησις. Αἱ πωλήσεις ὑπῆρξαν περιωρισμέναι. Πολλαὶ ὅμως πράξεις ἐγένοντο ἐπὶ τῶν ὁμολογιῶν τοῦ Δημοσίου.

ΑΝΑΓΚΑΣΤΙΚΗ ΕΚΠΟΙΗΣΙΣ

Μετὰ τὰς τιμὰς τῆς συνεδριάσεως ἐξετελέσθησαν 350 μετοχαὶ Ἐνώσεως καὶ 200 μετοχαὶ Σφαιρῶν.

ΟΙ ΕΚΤΟΣ ΧΡΗΜΑΤΙΣΤΗΡΙΟΥ ΤΙΜΑΙ
Ἐκδόσεως —7325— Ἐκτροπής
